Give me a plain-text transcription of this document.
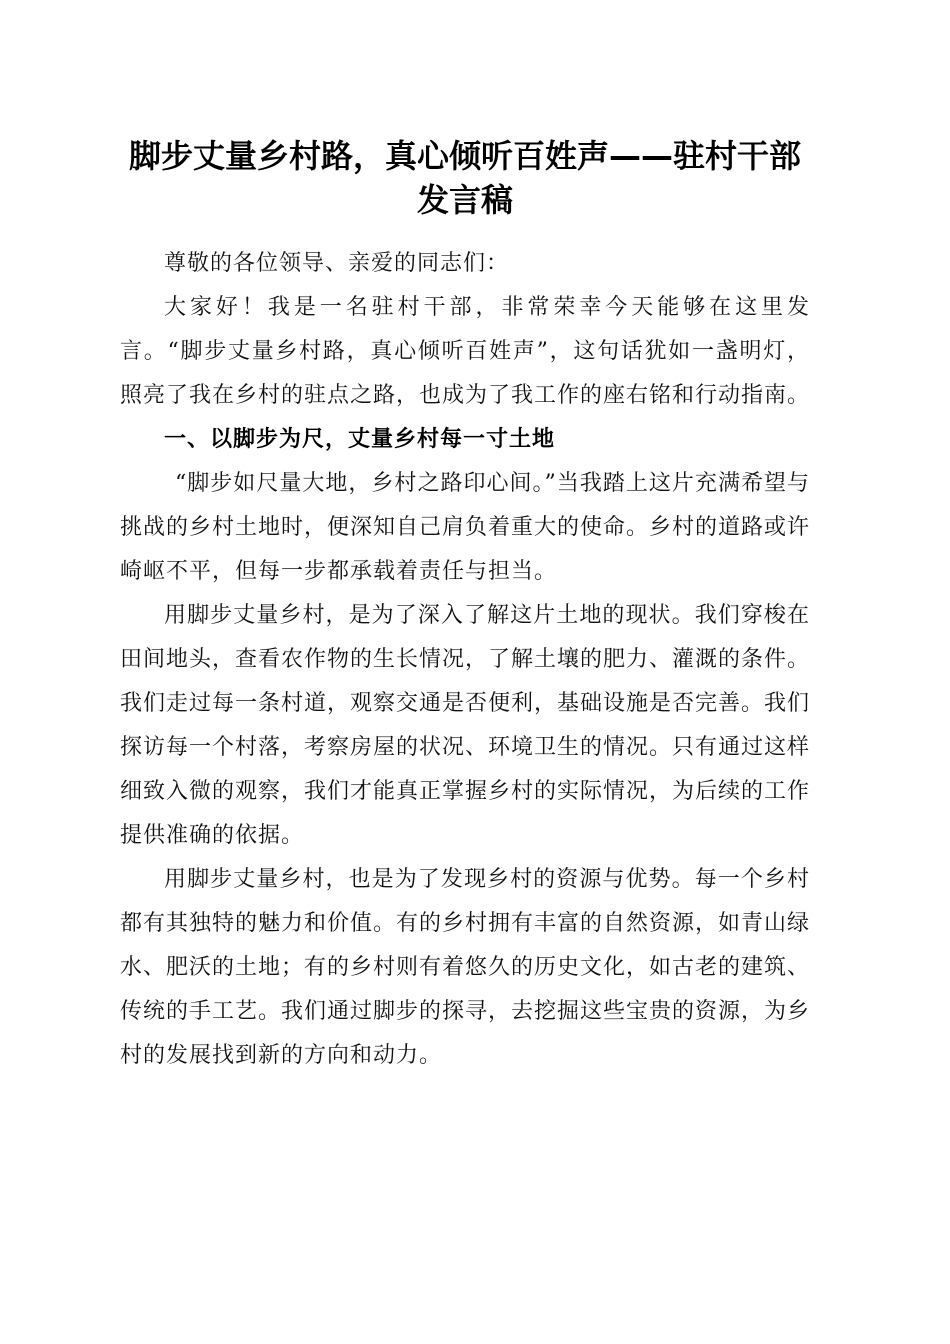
脚步丈量乡村路，真心倾听百姓声——驻村干部发言稿

尊敬的各位领导、亲爱的同志们：

大家好！我是一名驻村干部，非常荣幸今天能够在这里发言。“脚步丈量乡村路，真心倾听百姓声”，这句话犹如一盏明灯，照亮了我在乡村的驻点之路，也成为了我工作的座右铭和行动指南。

一、以脚步为尺，丈量乡村每一寸土地

“脚步如尺量大地，乡村之路印心间。”当我踏上这片充满希望与挑战的乡村土地时，便深知自己肩负着重大的使命。乡村的道路或许崎岖不平，但每一步都承载着责任与担当。

用脚步丈量乡村，是为了深入了解这片土地的现状。我们穿梭在田间地头，查看农作物的生长情况，了解土壤的肥力、灌溉的条件。我们走过每一条村道，观察交通是否便利，基础设施是否完善。我们探访每一个村落，考察房屋的状况、环境卫生的情况。只有通过这样细致入微的观察，我们才能真正掌握乡村的实际情况，为后续的工作提供准确的依据。

用脚步丈量乡村，也是为了发现乡村的资源与优势。每一个乡村都有其独特的魅力和价值。有的乡村拥有丰富的自然资源，如青山绿水、肥沃的土地；有的乡村则有着悠久的历史文化，如古老的建筑、传统的手工艺。我们通过脚步的探寻，去挖掘这些宝贵的资源，为乡村的发展找到新的方向和动力。
